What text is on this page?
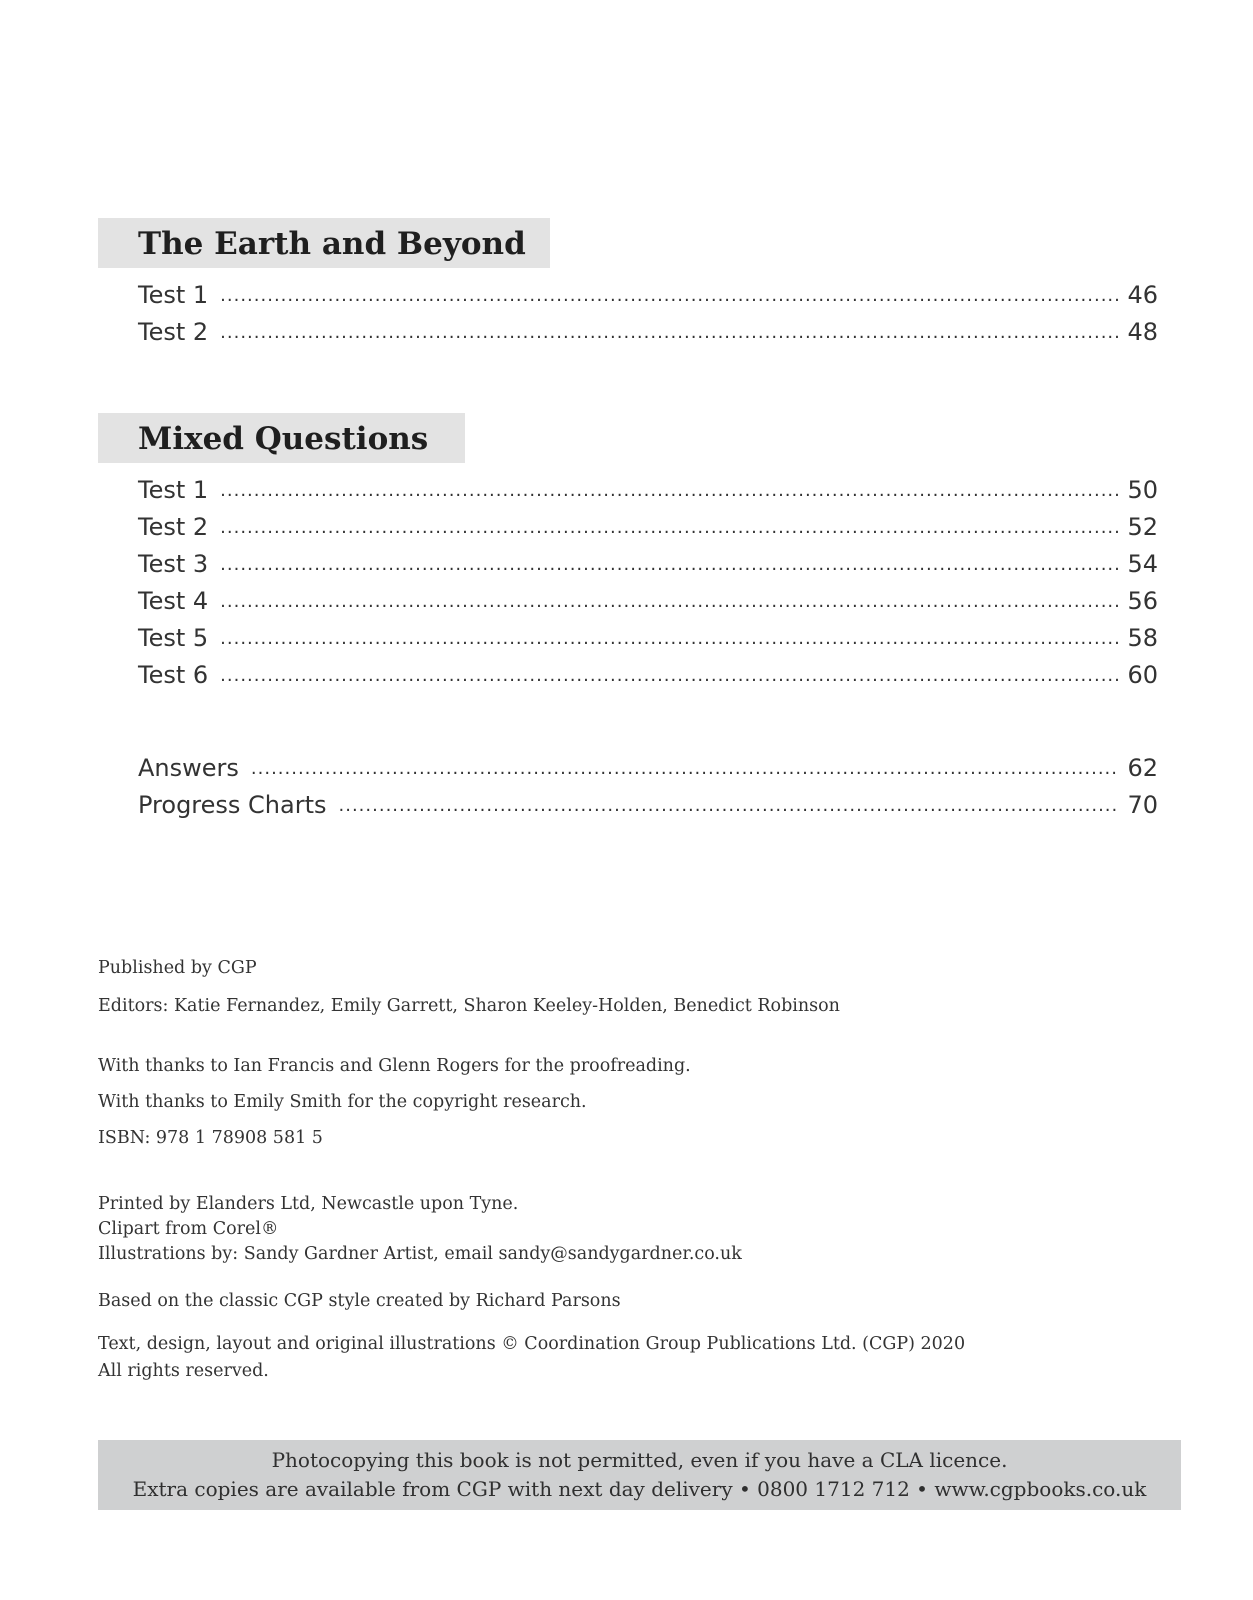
The Earth and Beyond
Test 1 .....	46
Test 2 .....	48
Mixed Questions
Test 1 .....	50
Test 2 .....	52
Test 3 .....	54
Test 4 .....	56
Test 5 .....	58
Test 6 .....	60
Answers .....	62
Progress Charts .....	70

Published by CGP

Editors: Katie Fernandez, Emily Garrett, Sharon Keeley-Holden, Benedict Robinson

With thanks to Ian Francis and Glenn Rogers for the proofreading.

With thanks to Emily Smith for the copyright research.

ISBN: 978 1 78908 581 5

Printed by Elanders Ltd, Newcastle upon Tyne.

Clipart from Corel®

Illustrations by: Sandy Gardner Artist, email sandy@sandygardner.co.uk

Based on the classic CGP style created by Richard Parsons

Text, design, layout and original illustrations © Coordination Group Publications Ltd. (CGP) 2020

All rights reserved.

Photocopying this book is not permitted, even if you have a CLA licence.

Extra copies are available from CGP with next day delivery • 0800 1712 712 • www.cgpbooks.co.uk
